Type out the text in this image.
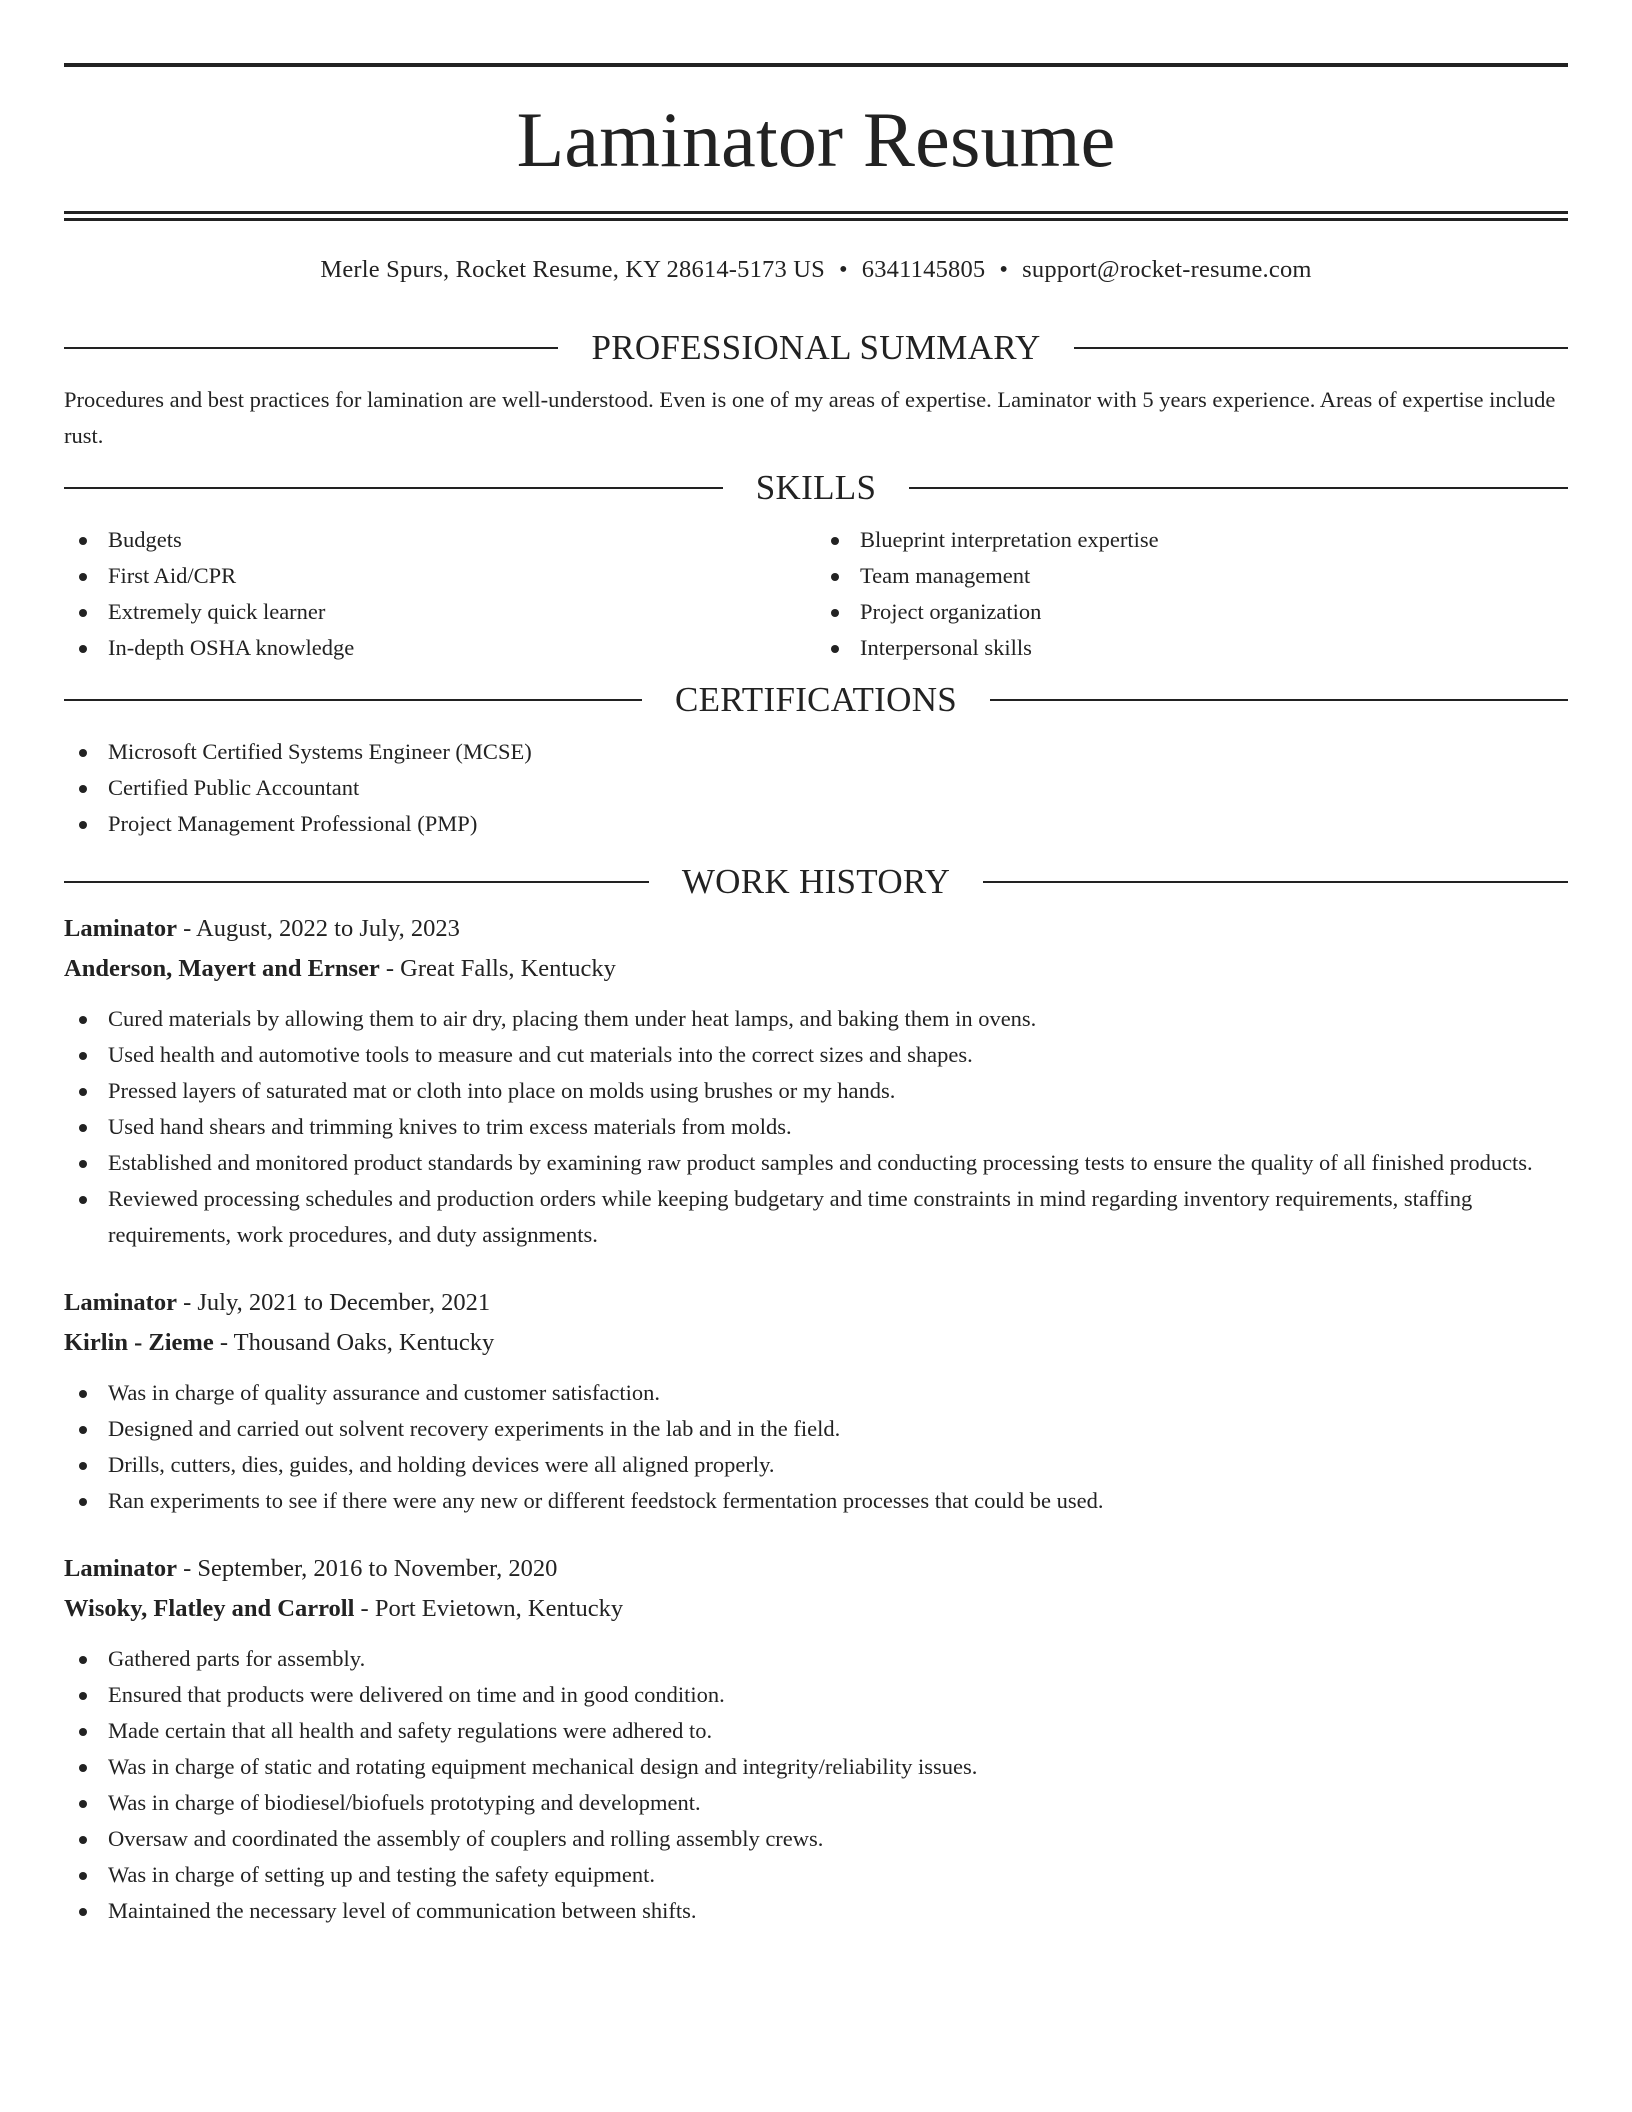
Laminator Resume
Merle Spurs, Rocket Resume, KY 28614-5173 US • 6341145805 • support@rocket-resume.com
PROFESSIONAL SUMMARY

Procedures and best practices for lamination are well-understood. Even is one of my areas of expertise. Laminator with 5 years experience. Areas of expertise include rust.

SKILLS
Budgets
First Aid/CPR
Extremely quick learner
In-depth OSHA knowledge
Blueprint interpretation expertise
Team management
Project organization
Interpersonal skills
CERTIFICATIONS
Microsoft Certified Systems Engineer (MCSE)
Certified Public Accountant
Project Management Professional (PMP)
WORK HISTORY
Laminator - August, 2022 to July, 2023
Anderson, Mayert and Ernser - Great Falls, Kentucky
Cured materials by allowing them to air dry, placing them under heat lamps, and baking them in ovens.
Used health and automotive tools to measure and cut materials into the correct sizes and shapes.
Pressed layers of saturated mat or cloth into place on molds using brushes or my hands.
Used hand shears and trimming knives to trim excess materials from molds.
Established and monitored product standards by examining raw product samples and conducting processing tests to ensure the quality of all finished products.
Reviewed processing schedules and production orders while keeping budgetary and time constraints in mind regarding inventory requirements, staffing requirements, work procedures, and duty assignments.
Laminator - July, 2021 to December, 2021
Kirlin - Zieme - Thousand Oaks, Kentucky
Was in charge of quality assurance and customer satisfaction.
Designed and carried out solvent recovery experiments in the lab and in the field.
Drills, cutters, dies, guides, and holding devices were all aligned properly.
Ran experiments to see if there were any new or different feedstock fermentation processes that could be used.
Laminator - September, 2016 to November, 2020
Wisoky, Flatley and Carroll - Port Evietown, Kentucky
Gathered parts for assembly.
Ensured that products were delivered on time and in good condition.
Made certain that all health and safety regulations were adhered to.
Was in charge of static and rotating equipment mechanical design and integrity/reliability issues.
Was in charge of biodiesel/biofuels prototyping and development.
Oversaw and coordinated the assembly of couplers and rolling assembly crews.
Was in charge of setting up and testing the safety equipment.
Maintained the necessary level of communication between shifts.
